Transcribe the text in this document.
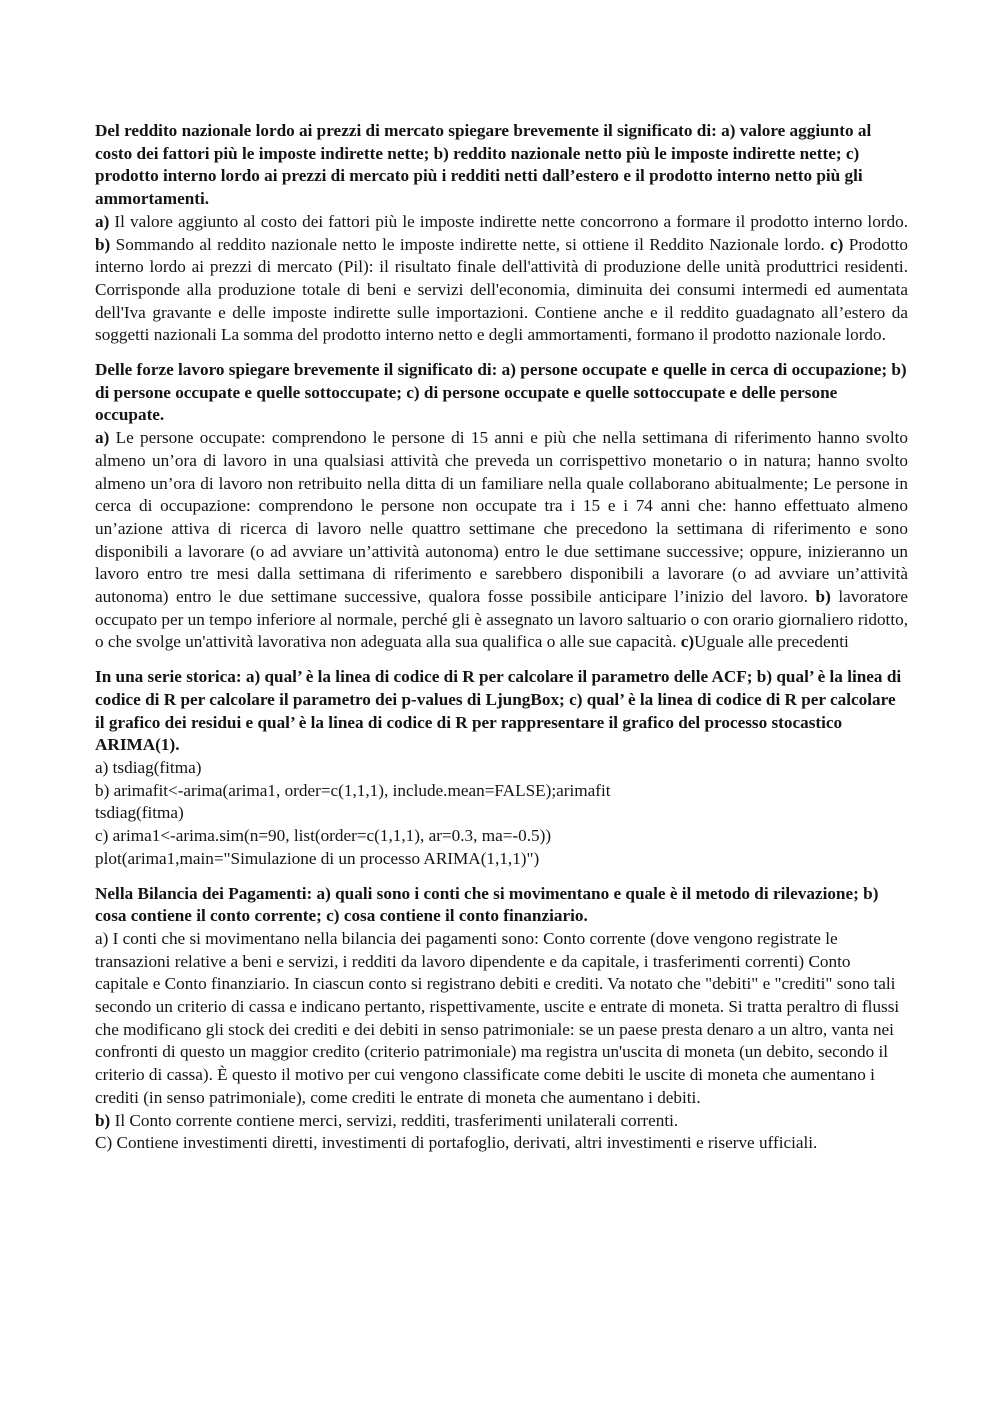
Del reddito nazionale lordo ai prezzi di mercato spiegare brevemente il significato di: a) valore aggiunto al costo dei fattori più le imposte indirette nette; b) reddito nazionale netto più le imposte indirette nette; c) prodotto interno lordo ai prezzi di mercato più i redditi netti dall’estero e il prodotto interno netto più gli ammortamenti.

a) Il valore aggiunto al costo dei fattori più le imposte indirette nette concorrono a formare il prodotto interno lordo. b) Sommando al reddito nazionale netto le imposte indirette nette, si ottiene il Reddito Nazionale lordo. c) Prodotto interno lordo ai prezzi di mercato (Pil): il risultato finale dell'attività di produzione delle unità produttrici residenti. Corrisponde alla produzione totale di beni e servizi dell'economia, diminuita dei consumi intermedi ed aumentata dell'Iva gravante e delle imposte indirette sulle importazioni. Contiene anche e il reddito guadagnato all’estero da soggetti nazionali La somma del prodotto interno netto e degli ammortamenti, formano il prodotto nazionale lordo.

Delle forze lavoro spiegare brevemente il significato di: a) persone occupate e quelle in cerca di occupazione; b) di persone occupate e quelle sottoccupate; c) di persone occupate e quelle sottoccupate e delle persone occupate.

a) Le persone occupate: comprendono le persone di 15 anni e più che nella settimana di riferimento hanno svolto almeno un’ora di lavoro in una qualsiasi attività che preveda un corrispettivo monetario o in natura; hanno svolto almeno un’ora di lavoro non retribuito nella ditta di un familiare nella quale collaborano abitualmente; Le persone in cerca di occupazione: comprendono le persone non occupate tra i 15 e i 74 anni che: hanno effettuato almeno un’azione attiva di ricerca di lavoro nelle quattro settimane che precedono la settimana di riferimento e sono disponibili a lavorare (o ad avviare un’attività autonoma) entro le due settimane successive; oppure, inizieranno un lavoro entro tre mesi dalla settimana di riferimento e sarebbero disponibili a lavorare (o ad avviare un’attività autonoma) entro le due settimane successive, qualora fosse possibile anticipare l’inizio del lavoro. b) lavoratore occupato per un tempo inferiore al normale, perché gli è assegnato un lavoro saltuario o con orario giornaliero ridotto, o che svolge un'attività lavorativa non adeguata alla sua qualifica o alle sue capacità. c)Uguale alle precedenti

In una serie storica: a) qual’ è la linea di codice di R per calcolare il parametro delle ACF; b) qual’ è la linea di codice di R per calcolare il parametro dei p-values di LjungBox; c) qual’ è la linea di codice di R per calcolare il grafico dei residui e qual’ è la linea di codice di R per rappresentare il grafico del processo stocastico ARIMA(1).

a) tsdiag(fitma)
b) arimafit<-arima(arima1, order=c(1,1,1), include.mean=FALSE);arimafit
tsdiag(fitma)
c) arima1<-arima.sim(n=90, list(order=c(1,1,1), ar=0.3, ma=-0.5))
plot(arima1,main="Simulazione di un processo ARIMA(1,1,1)")

Nella Bilancia dei Pagamenti: a) quali sono i conti che si movimentano e quale è il metodo di rilevazione; b) cosa contiene il conto corrente; c) cosa contiene il conto finanziario.

a) I conti che si movimentano nella bilancia dei pagamenti sono: Conto corrente (dove vengono registrate le transazioni relative a beni e servizi, i redditi da lavoro dipendente e da capitale, i trasferimenti correnti) Conto capitale e Conto finanziario. In ciascun conto si registrano debiti e crediti. Va notato che "debiti" e "crediti" sono tali secondo un criterio di cassa e indicano pertanto, rispettivamente, uscite e entrate di moneta. Si tratta peraltro di flussi che modificano gli stock dei crediti e dei debiti in senso patrimoniale: se un paese presta denaro a un altro, vanta nei confronti di questo un maggior credito (criterio patrimoniale) ma registra un'uscita di moneta (un debito, secondo il criterio di cassa). È questo il motivo per cui vengono classificate come debiti le uscite di moneta che aumentano i crediti (in senso patrimoniale), come crediti le entrate di moneta che aumentano i debiti.

b) Il Conto corrente contiene merci, servizi, redditi, trasferimenti unilaterali correnti.

C) Contiene investimenti diretti, investimenti di portafoglio, derivati, altri investimenti e riserve ufficiali.
